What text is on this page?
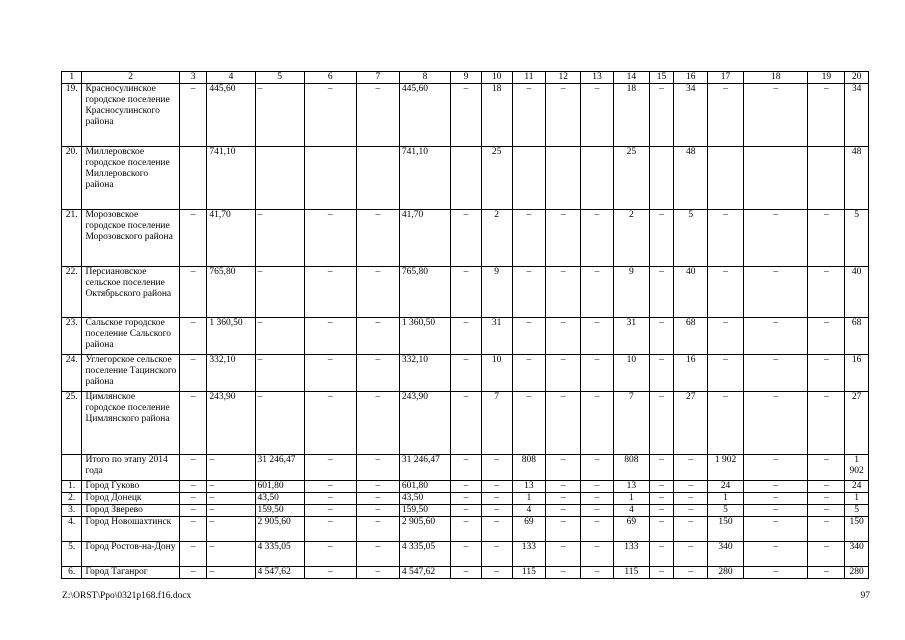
1	2	3	4	5	6	7	8	9	10	11	12	13	14	15	16	17	18	19	20
19.	Красносулинское городское поселение Красносулинского района	–	445,60	–	–	–	445,60	–	18	–	–	–	18	–	34	–	–	–	34
20.	Миллеровское городское поселение Миллеровского района		741,10				741,10		25				25		48				48
21.	Морозовское городское поселение Морозовского района	–	41,70	–	–	–	41,70	–	2	–	–	–	2	–	5	–	–	–	5
22.	Персиановское сельское поселение Октябрьского района	–	765,80	–	–	–	765,80	–	9	–	–	–	9	–	40	–	–	–	40
23.	Сальское городское поселение Сальского района	–	1 360,50	–	–	–	1 360,50	–	31	–	–	–	31	–	68	–	–	–	68
24.	Углегорское сельское поселение Тацинского района	–	332,10	–	–	–	332,10	–	10	–	–	–	10	–	16	–	–	–	16
25.	Цимлянское городское поселение Цимлянского района	–	243,90	–	–	–	243,90	–	7	–	–	–	7	–	27	–	–	–	27
	Итого по этапу 2014 года	–	–	31 246,47	–	–	31 246,47	–	–	808	–	–	808	–	–	1 902	–	–	1 902
1.	Город Гуково	–	–	601,80	–	–	601,80	–	–	13	–	–	13	–	–	24	–	–	24
2.	Город Донецк	–	–	43,50	–	–	43,50	–	–	1	–	–	1	–	–	1	–	–	1
3.	Город Зверево	–	–	159,50	–	–	159,50	–	–	4	–	–	4	–	–	5	–	–	5
4.	Город Новошахтинск	–	–	2 905,60	–	–	2 905,60	–	–	69	–	–	69	–	–	150	–	–	150
5.	Город Ростов-на-Дону	–	–	4 335,05	–	–	4 335,05	–	–	133	–	–	133	–	–	340	–	–	340
6.	Город Таганрог	–	–	4 547,62	–	–	4 547,62	–	–	115	–	–	115	–	–	280	–	–	280
Z:\ORST\Ppo\0321p168.f16.docx	97
